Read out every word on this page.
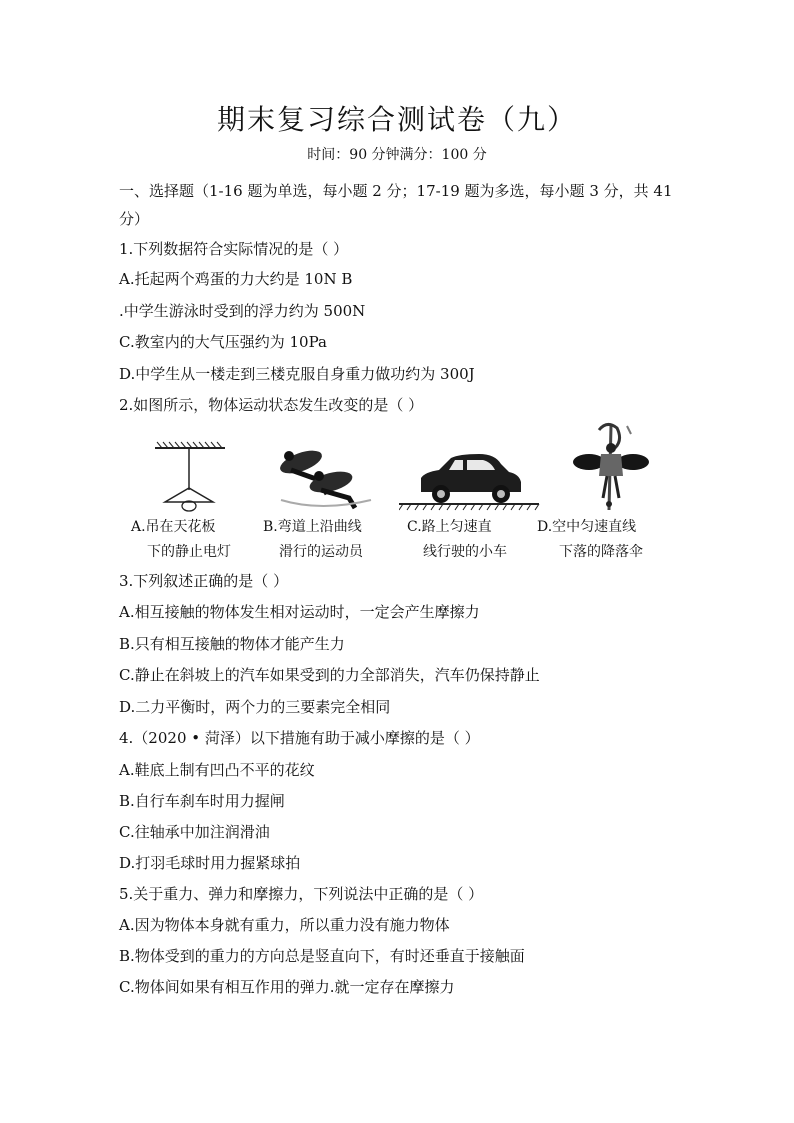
期末复习综合测试卷（九）
时间：90 分钟满分：100 分
一、选择题（1-16 题为单选，每小题 2 分；17-19 题为多选，每小题 3 分，共 41
分）
1.下列数据符合实际情况的是（ ）
A.托起两个鸡蛋的力大约是 10N B
.中学生游泳时受到的浮力约为 500N
C.教室内的大气压强约为 10Pa
D.中学生从一楼走到三楼克服自身重力做功约为 300J
2.如图所示，物体运动状态发生改变的是（ ）
A.吊在天花板
下的静止电灯
B.弯道上沿曲线
滑行的运动员
C.路上匀速直
线行驶的小车
D.空中匀速直线
下落的降落伞
3.下列叙述正确的是（ ）
A.相互接触的物体发生相对运动时，一定会产生摩擦力
B.只有相互接触的物体才能产生力
C.静止在斜坡上的汽车如果受到的力全部消失，汽车仍保持静止
D.二力平衡时，两个力的三要素完全相同
4.（2020 • 菏泽）以下措施有助于减小摩擦的是（ ）
A.鞋底上制有凹凸不平的花纹
B.自行车刹车时用力握闸
C.往轴承中加注润滑油
D.打羽毛球时用力握紧球拍
5.关于重力、弹力和摩擦力，下列说法中正确的是（ ）
A.因为物体本身就有重力，所以重力没有施力物体
B.物体受到的重力的方向总是竖直向下，有时还垂直于接触面
C.物体间如果有相互作用的弹力.就一定存在摩擦力
